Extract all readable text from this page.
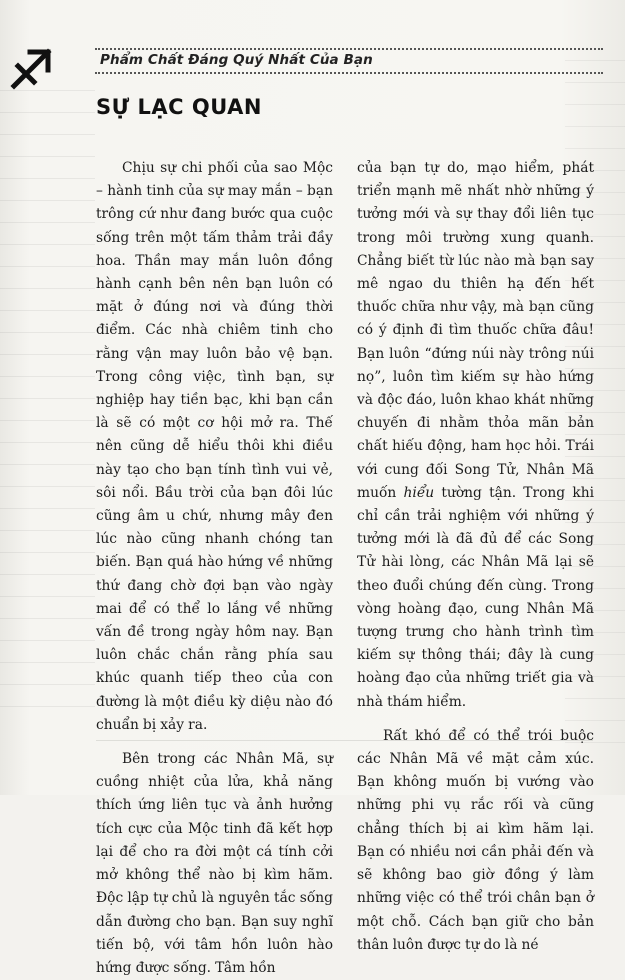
Phẩm Chất Đáng Quý Nhất Của Bạn
SỰ LẠC QUAN

Chịu sự chi phối của sao Mộc – hành tinh của sự may mắn – bạn trông cứ như đang bước qua cuộc sống trên một tấm thảm trải đầy hoa. Thần may mắn luôn đồng hành cạnh bên nên bạn luôn có mặt ở đúng nơi và đúng thời điểm. Các nhà chiêm tinh cho rằng vận may luôn bảo vệ bạn. Trong công việc, tình bạn, sự nghiệp hay tiền bạc, khi bạn cần là sẽ có một cơ hội mở ra. Thế nên cũng dễ hiểu thôi khi điều này tạo cho bạn tính tình vui vẻ, sôi nổi. Bầu trời của bạn đôi lúc cũng âm u chứ, nhưng mây đen lúc nào cũng nhanh chóng tan biến. Bạn quá hào hứng về những thứ đang chờ đợi bạn vào ngày mai để có thể lo lắng về những vấn đề trong ngày hôm nay. Bạn luôn chắc chắn rằng phía sau khúc quanh tiếp theo của con đường là một điều kỳ diệu nào đó chuẩn bị xảy ra.

Bên trong các Nhân Mã, sự cuồng nhiệt của lửa, khả năng thích ứng liên tục và ảnh hưởng tích cực của Mộc tinh đã kết hợp lại để cho ra đời một cá tính cởi mở không thể nào bị kìm hãm. Độc lập tự chủ là nguyên tắc sống dẫn đường cho bạn. Bạn suy nghĩ tiến bộ, với tâm hồn luôn hào hứng được sống. Tâm hồn

của bạn tự do, mạo hiểm, phát triển mạnh mẽ nhất nhờ những ý tưởng mới và sự thay đổi liên tục trong môi trường xung quanh. Chẳng biết từ lúc nào mà bạn say mê ngao du thiên hạ đến hết thuốc chữa như vậy, mà bạn cũng có ý định đi tìm thuốc chữa đâu! Bạn luôn “đứng núi này trông núi nọ”, luôn tìm kiếm sự hào hứng và độc đáo, luôn khao khát những chuyến đi nhằm thỏa mãn bản chất hiếu động, ham học hỏi. Trái với cung đối Song Tử, Nhân Mã muốn hiểu tường tận. Trong khi chỉ cần trải nghiệm với những ý tưởng mới là đã đủ để các Song Tử hài lòng, các Nhân Mã lại sẽ theo đuổi chúng đến cùng. Trong vòng hoàng đạo, cung Nhân Mã tượng trưng cho hành trình tìm kiếm sự thông thái; đây là cung hoàng đạo của những triết gia và nhà thám hiểm.

Rất khó để có thể trói buộc các Nhân Mã về mặt cảm xúc. Bạn không muốn bị vướng vào những phi vụ rắc rối và cũng chẳng thích bị ai kìm hãm lại. Bạn có nhiều nơi cần phải đến và sẽ không bao giờ đồng ý làm những việc có thể trói chân bạn ở một chỗ. Cách bạn giữ cho bản thân luôn được tự do là né
